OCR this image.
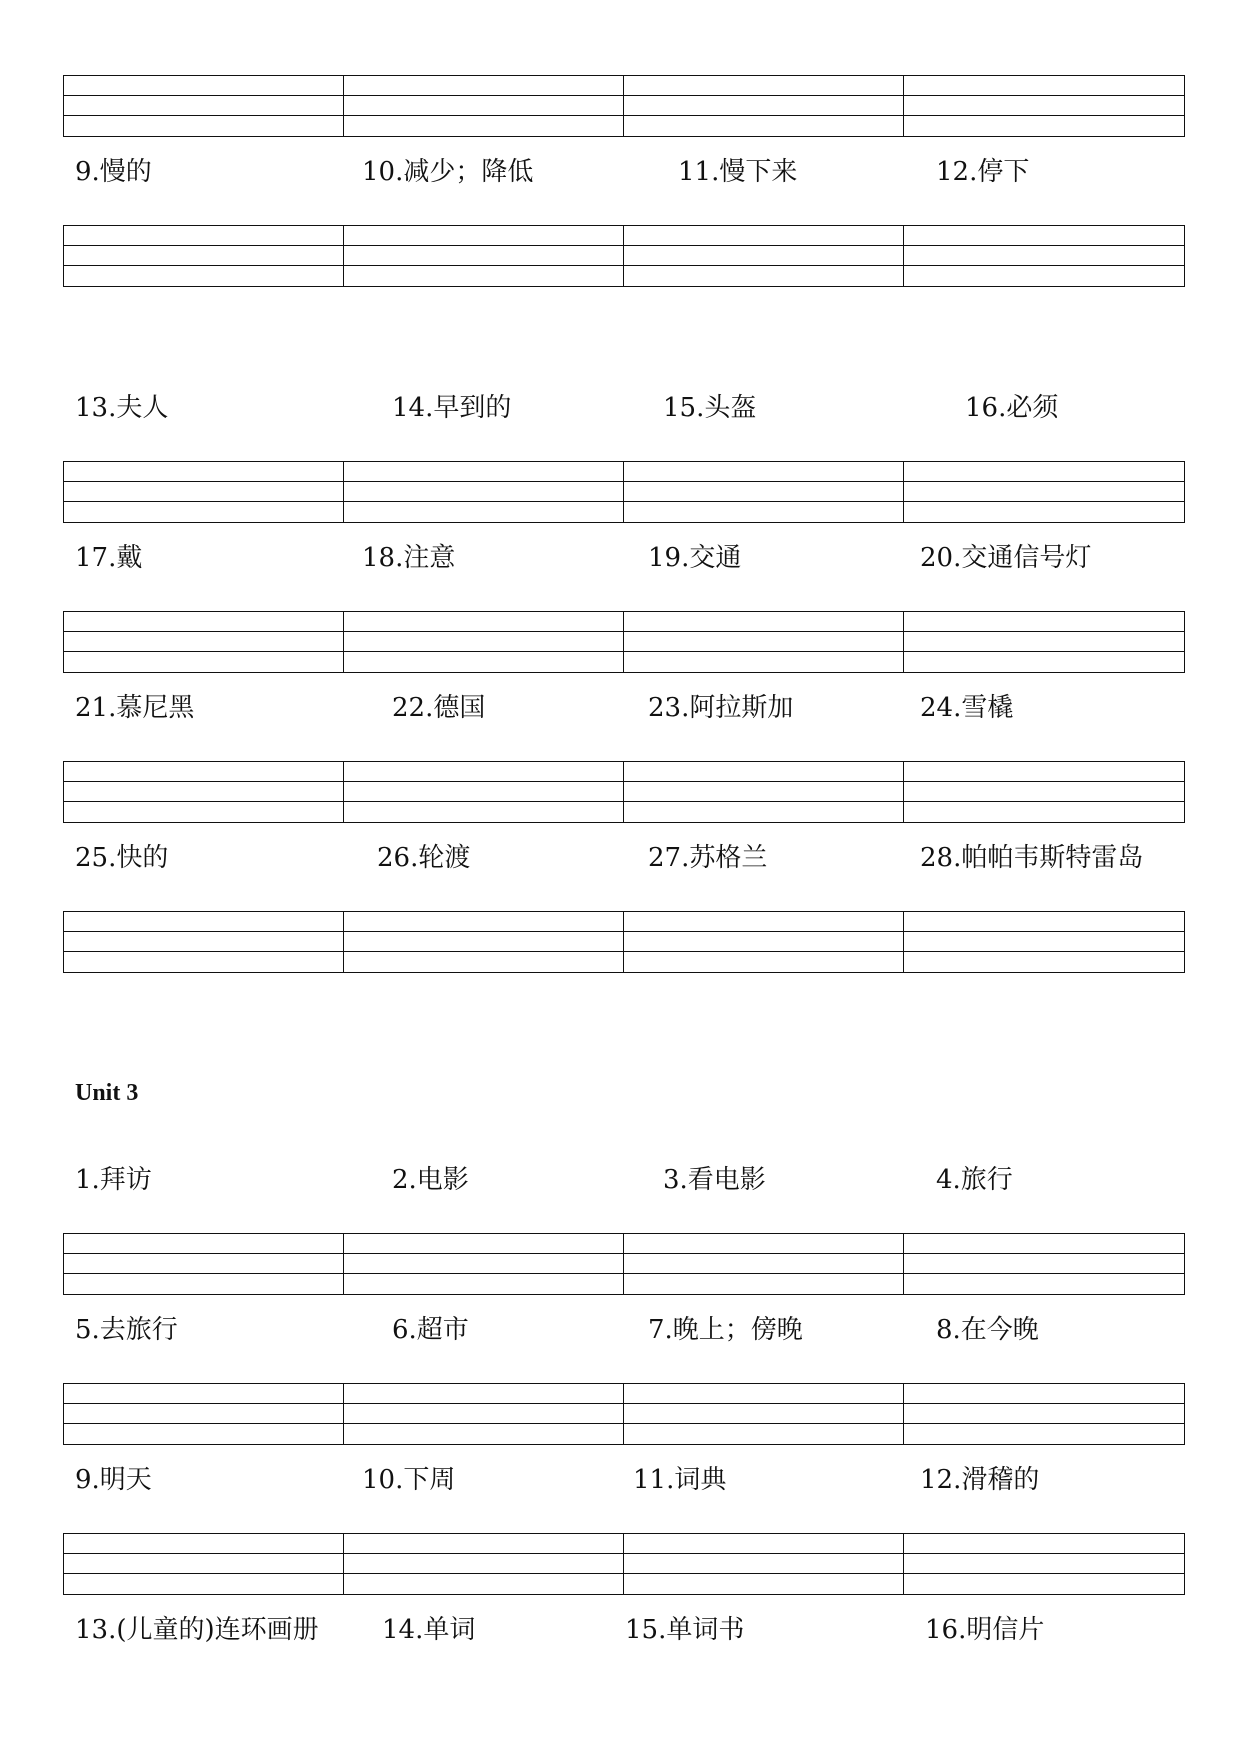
9.慢的	10.减少；降低	11.慢下来	12.停下
13.夫人	14.早到的	15.头盔	16.必须
17.戴	18.注意	19.交通	20.交通信号灯
21.慕尼黑	22.德国	23.阿拉斯加	24.雪橇
25.快的	26.轮渡	27.苏格兰	28.帕帕韦斯特雷岛
Unit 3
1.拜访	2.电影	3.看电影	4.旅行
5.去旅行	6.超市	7.晚上；傍晚	8.在今晚
9.明天	10.下周	11.词典	12.滑稽的
13.(儿童的)连环画册 14.单词	15.单词书	16.明信片
